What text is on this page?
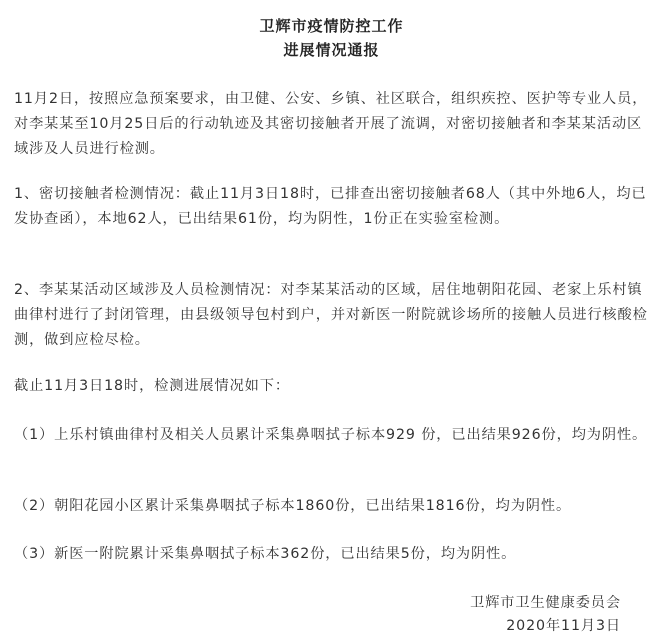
卫辉市疫情防控工作
进展情况通报

11月2日，按照应急预案要求，由卫健、公安、乡镇、社区联合，组织疾控、医护等专业人员，对李某某至10月25日后的行动轨迹及其密切接触者开展了流调，对密切接触者和李某某活动区域涉及人员进行检测。

1、密切接触者检测情况：截止11月3日18时，已排查出密切接触者68人（其中外地6人，均已发协查函），本地62人，已出结果61份，均为阴性，1份正在实验室检测。

2、李某某活动区域涉及人员检测情况：对李某某活动的区域，居住地朝阳花园、老家上乐村镇曲律村进行了封闭管理，由县级领导包村到户，并对新医一附院就诊场所的接触人员进行核酸检测，做到应检尽检。

截止11月3日18时，检测进展情况如下：

（1）上乐村镇曲律村及相关人员累计采集鼻咽拭子标本929 份，已出结果926份，均为阴性。

（2）朝阳花园小区累计采集鼻咽拭子标本1860份，已出结果1816份，均为阴性。

（3）新医一附院累计采集鼻咽拭子标本362份，已出结果5份，均为阴性。

卫辉市卫生健康委员会
2020年11月3日
